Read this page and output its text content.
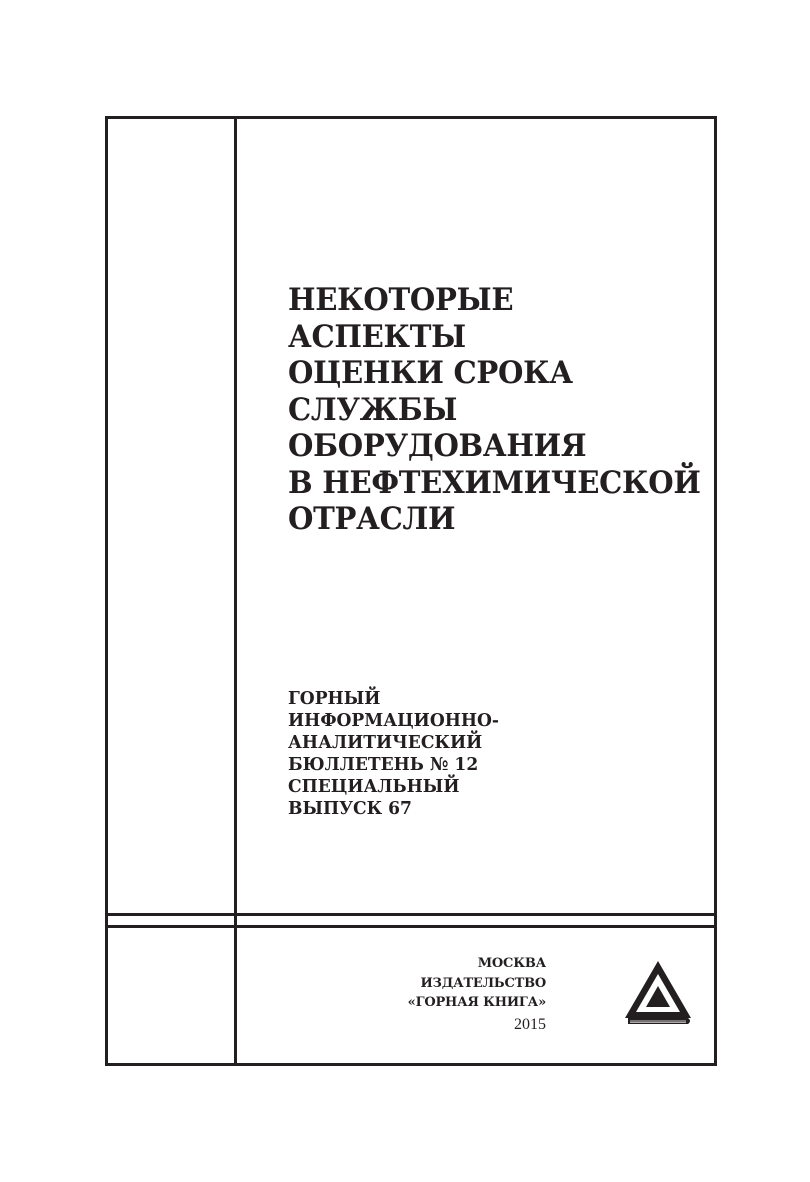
НЕКОТОРЫЕ
АСПЕКТЫ
ОЦЕНКИ СРОКА
СЛУЖБЫ
ОБОРУДОВАНИЯ
В НЕФТЕХИМИЧЕСКОЙ
ОТРАСЛИ
ГОРНЫЙ
ИНФОРМАЦИОННО-
АНАЛИТИЧЕСКИЙ
БЮЛЛЕТЕНЬ № 12
СПЕЦИАЛЬНЫЙ
ВЫПУСК 67
МОСКВА
ИЗДАТЕЛЬСТВО
«ГОРНАЯ КНИГА»
2015
